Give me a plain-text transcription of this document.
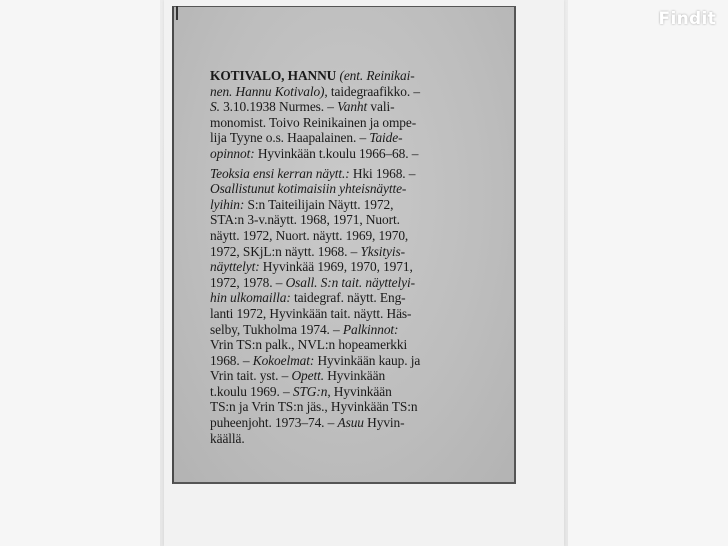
KOTIVALO, HANNU (ent. Reinikai-
nen. Hannu Kotivalo), taidegraafikko. –
S. 3.10.1938 Nurmes. – Vanht vali-
monomist. Toivo Reinikainen ja ompe-
lija Tyyne o.s. Haapalainen. – Taide-
opinnot: Hyvinkään t.koulu 1966–68. –
Teoksia ensi kerran näytt.: Hki 1968. –
Osallistunut kotimaisiin yhteisnäytte-
lyihin: S:n Taiteilijain Näytt. 1972,
STA:n 3-v.näytt. 1968, 1971, Nuort.
näytt. 1972, Nuort. näytt. 1969, 1970,
1972, SKjL:n näytt. 1968. – Yksityis-
näyttelyt: Hyvinkää 1969, 1970, 1971,
1972, 1978. – Osall. S:n tait. näyttelyi-
hin ulkomailla: taidegraf. näytt. Eng-
lanti 1972, Hyvinkään tait. näytt. Häs-
selby, Tukholma 1974. – Palkinnot:
Vrin TS:n palk., NVL:n hopeamerkki
1968. – Kokoelmat: Hyvinkään kaup. ja
Vrin tait. yst. – Opett. Hyvinkään
t.koulu 1969. – STG:n, Hyvinkään
TS:n ja Vrin TS:n jäs., Hyvinkään TS:n
puheenjoht. 1973–74. – Asuu Hyvin-
käällä.
Findit
